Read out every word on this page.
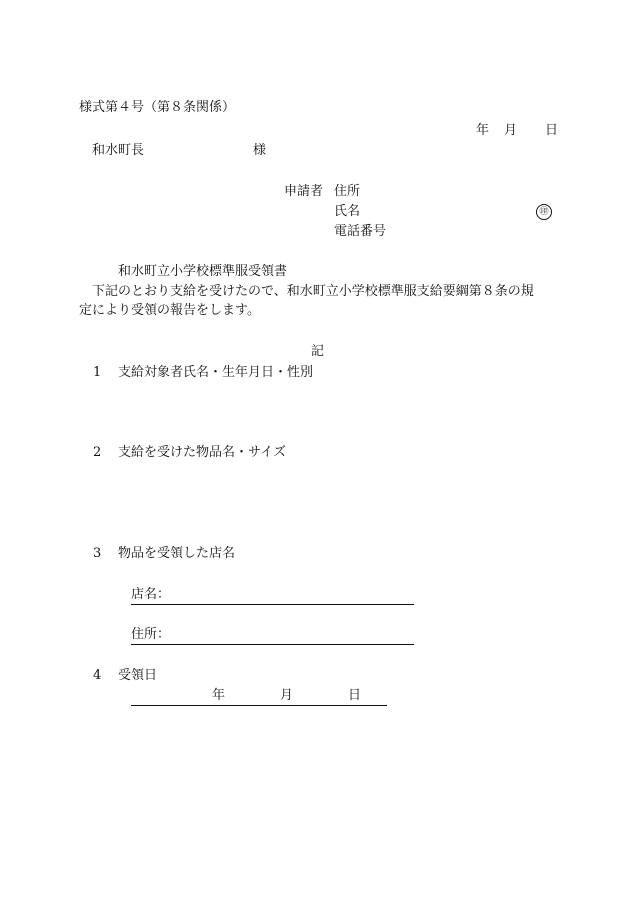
様式第４号（第８条関係）
年 月 日
和水町長	様
申請者 住所
氏名	㊞
電話番号
和水町立小学校標準服受領書
下記のとおり支給を受けたので、和水町立小学校標準服支給要綱第８条の規
定により受領の報告をします。
記
1 支給対象者氏名・生年月日・性別
2 支給を受けた物品名・サイズ
3 物品を受領した店名
店名：
住所：
4 受領日
年	月	日
